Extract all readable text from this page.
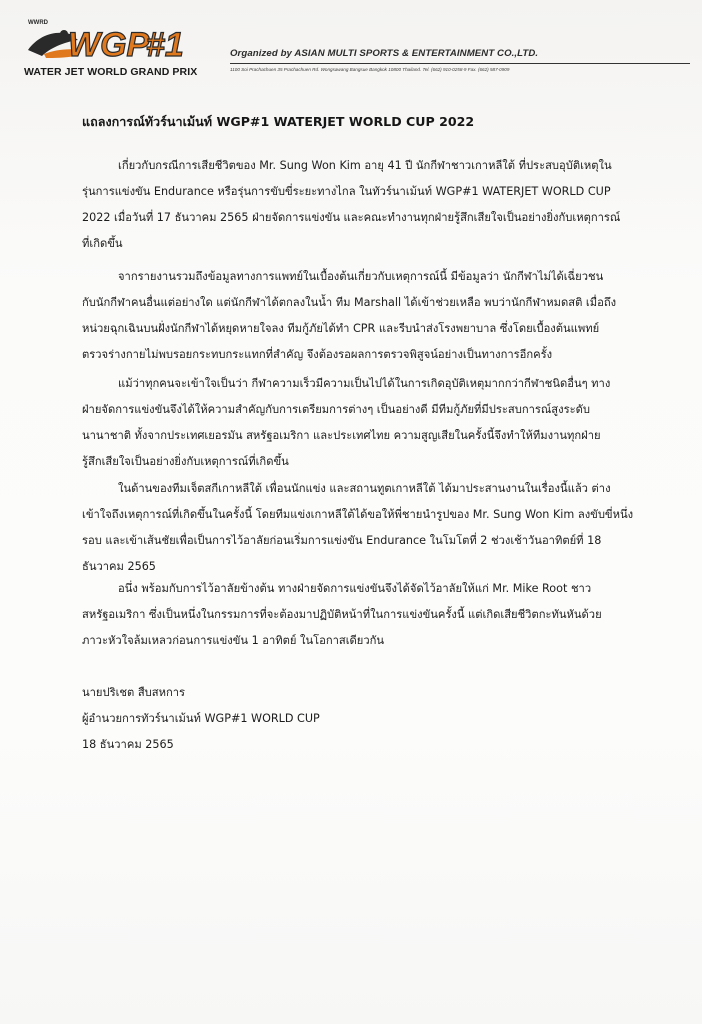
WGP
#1
WWRD
WATER JET WORLD GRAND PRIX
Organized by ASIAN MULTI SPORTS & ENTERTAINMENT CO.,LTD.
1100 Soi Prachachuen 35 Prachachuen Rd. Wongsawang Bangsue Bangkok 10800 Thailand. Tel. (662) 910-0258-9 Fax. (662) 587-0909
แถลงการณ์ทัวร์นาเม้นท์ WGP#1 WATERJET WORLD CUP 2022
เกี่ยวกับกรณีการเสียชีวิตของ Mr. Sung Won Kim อายุ 41 ปี นักกีฬาชาวเกาหลีใต้ ที่ประสบอุบัติเหตุใน
รุ่นการแข่งขัน Endurance หรือรุ่นการขับขี่ระยะทางไกล ในทัวร์นาเม้นท์ WGP#1 WATERJET WORLD CUP
2022 เมื่อวันที่ 17 ธันวาคม 2565 ฝ่ายจัดการแข่งขัน และคณะทำงานทุกฝ่ายรู้สึกเสียใจเป็นอย่างยิ่งกับเหตุการณ์
ที่เกิดขึ้น
จากรายงานรวมถึงข้อมูลทางการแพทย์ในเบื้องต้นเกี่ยวกับเหตุการณ์นี้ มีข้อมูลว่า นักกีฬาไม่ได้เฉี่ยวชน
กับนักกีฬาคนอื่นแต่อย่างใด แต่นักกีฬาได้ตกลงในน้ำ ทีม Marshall ได้เข้าช่วยเหลือ พบว่านักกีฬาหมดสติ เมื่อถึง
หน่วยฉุกเฉินบนฝั่งนักกีฬาได้หยุดหายใจลง ทีมกู้ภัยได้ทำ CPR และรีบนำส่งโรงพยาบาล ซึ่งโดยเบื้องต้นแพทย์
ตรวจร่างกายไม่พบรอยกระทบกระแทกที่สำคัญ จึงต้องรอผลการตรวจพิสูจน์อย่างเป็นทางการอีกครั้ง
แม้ว่าทุกคนจะเข้าใจเป็นว่า กีฬาความเร็วมีความเป็นไปได้ในการเกิดอุบัติเหตุมากกว่ากีฬาชนิดอื่นๆ ทาง
ฝ่ายจัดการแข่งขันจึงได้ให้ความสำคัญกับการเตรียมการต่างๆ เป็นอย่างดี มีทีมกู้ภัยที่มีประสบการณ์สูงระดับ
นานาชาติ ทั้งจากประเทศเยอรมัน สหรัฐอเมริกา และประเทศไทย ความสูญเสียในครั้งนี้จึงทำให้ทีมงานทุกฝ่าย
รู้สึกเสียใจเป็นอย่างยิ่งกับเหตุการณ์ที่เกิดขึ้น
ในด้านของทีมเจ็ตสกีเกาหลีใต้ เพื่อนนักแข่ง และสถานทูตเกาหลีใต้ ได้มาประสานงานในเรื่องนี้แล้ว ต่าง
เข้าใจถึงเหตุการณ์ที่เกิดขึ้นในครั้งนี้ โดยทีมแข่งเกาหลีใต้ได้ขอให้พี่ชายนำรูปของ Mr. Sung Won Kim ลงขับขี่หนึ่ง
รอบ และเข้าเส้นชัยเพื่อเป็นการไว้อาลัยก่อนเริ่มการแข่งขัน Endurance ในโมโตที่ 2 ช่วงเช้าวันอาทิตย์ที่ 18
ธันวาคม 2565
อนึ่ง พร้อมกับการไว้อาลัยข้างต้น ทางฝ่ายจัดการแข่งขันจึงได้จัดไว้อาลัยให้แก่ Mr. Mike Root ชาว
สหรัฐอเมริกา ซึ่งเป็นหนึ่งในกรรมการที่จะต้องมาปฏิบัติหน้าที่ในการแข่งขันครั้งนี้ แต่เกิดเสียชีวิตกะทันหันด้วย
ภาวะหัวใจล้มเหลวก่อนการแข่งขัน 1 อาทิตย์ ในโอกาสเดียวกัน
นายปริเชต สืบสหการ
ผู้อำนวยการทัวร์นาเม้นท์ WGP#1 WORLD CUP
18 ธันวาคม 2565
